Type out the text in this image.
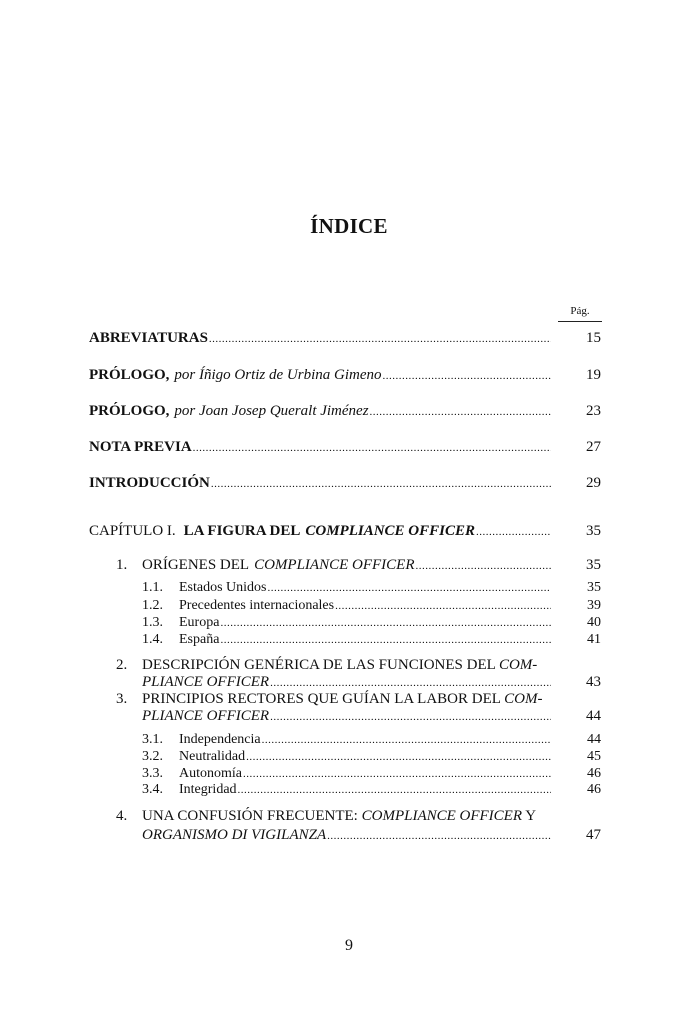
ÍNDICE
Pág.
ABREVIATURAS .....	15
PRÓLOGO, por Íñigo Ortiz de Urbina Gimeno .....	19
PRÓLOGO, por Joan Josep Queralt Jiménez .....	23
NOTA PREVIA .....	27
INTRODUCCIÓN .....	29
CAPÍTULO I. LA FIGURA DEL COMPLIANCE OFFICER .....	35
1. ORÍGENES DEL COMPLIANCE OFFICER .....	35
1.1. Estados Unidos .....	35
1.2. Precedentes internacionales .....	39
1.3. Europa .....	40
1.4. España .....	41
2. DESCRIPCIÓN GENÉRICA DE LAS FUNCIONES DEL COM-
PLIANCE OFFICER .....	43
3. PRINCIPIOS RECTORES QUE GUÍAN LA LABOR DEL COM-
PLIANCE OFFICER .....	44
3.1. Independencia .....	44
3.2. Neutralidad .....	45
3.3. Autonomía .....	46
3.4. Integridad .....	46
4. UNA CONFUSIÓN FRECUENTE: COMPLIANCE OFFICER Y
ORGANISMO DI VIGILANZA .....	47
9
